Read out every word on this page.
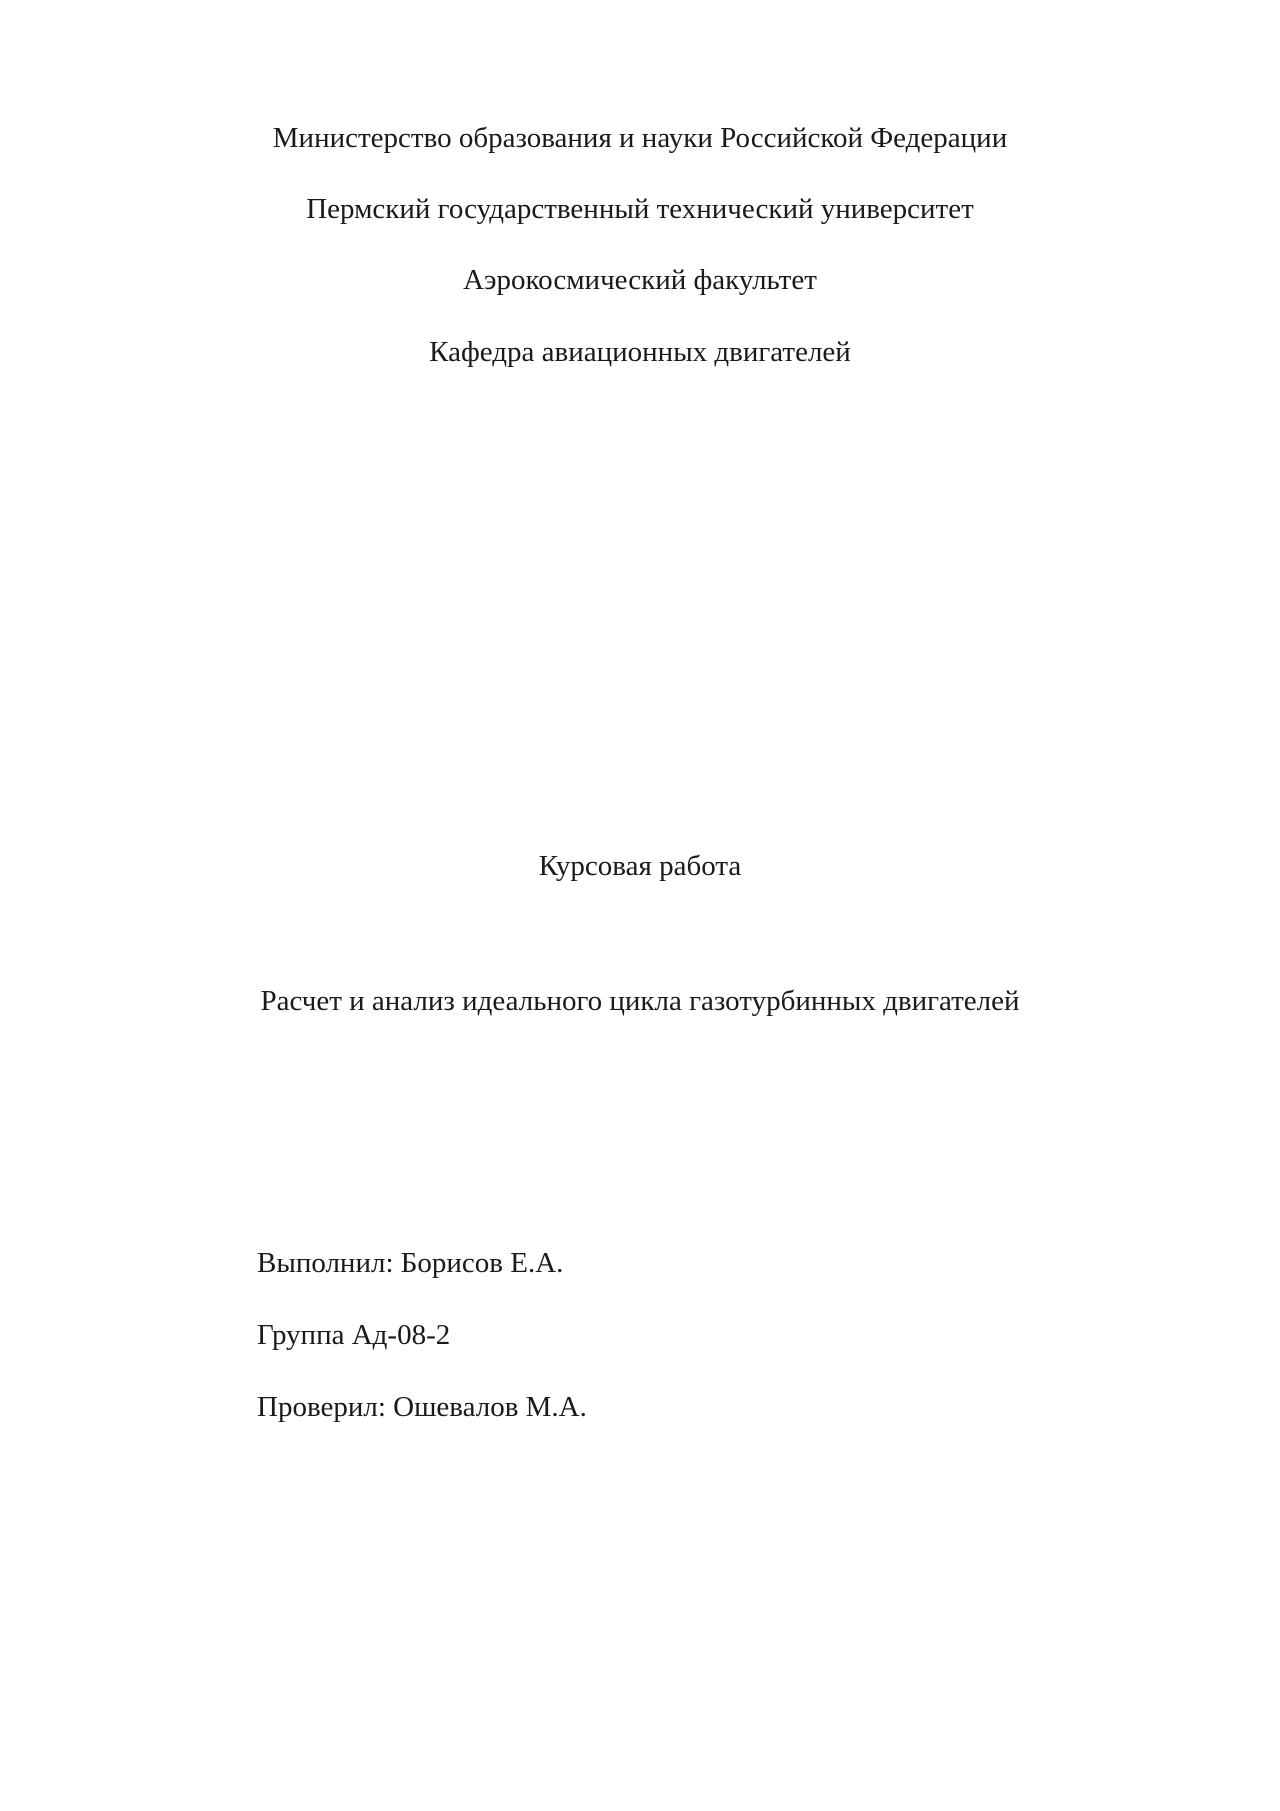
Министерство образования и науки Российской Федерации

Пермский государственный технический университет

Аэрокосмический факультет

Кафедра авиационных двигателей

Курсовая работа
Расчет и анализ идеального цикла газотурбинных двигателей

Выполнил: Борисов Е.А.

Группа Ад-08-2

Проверил: Ошевалов М.А.
